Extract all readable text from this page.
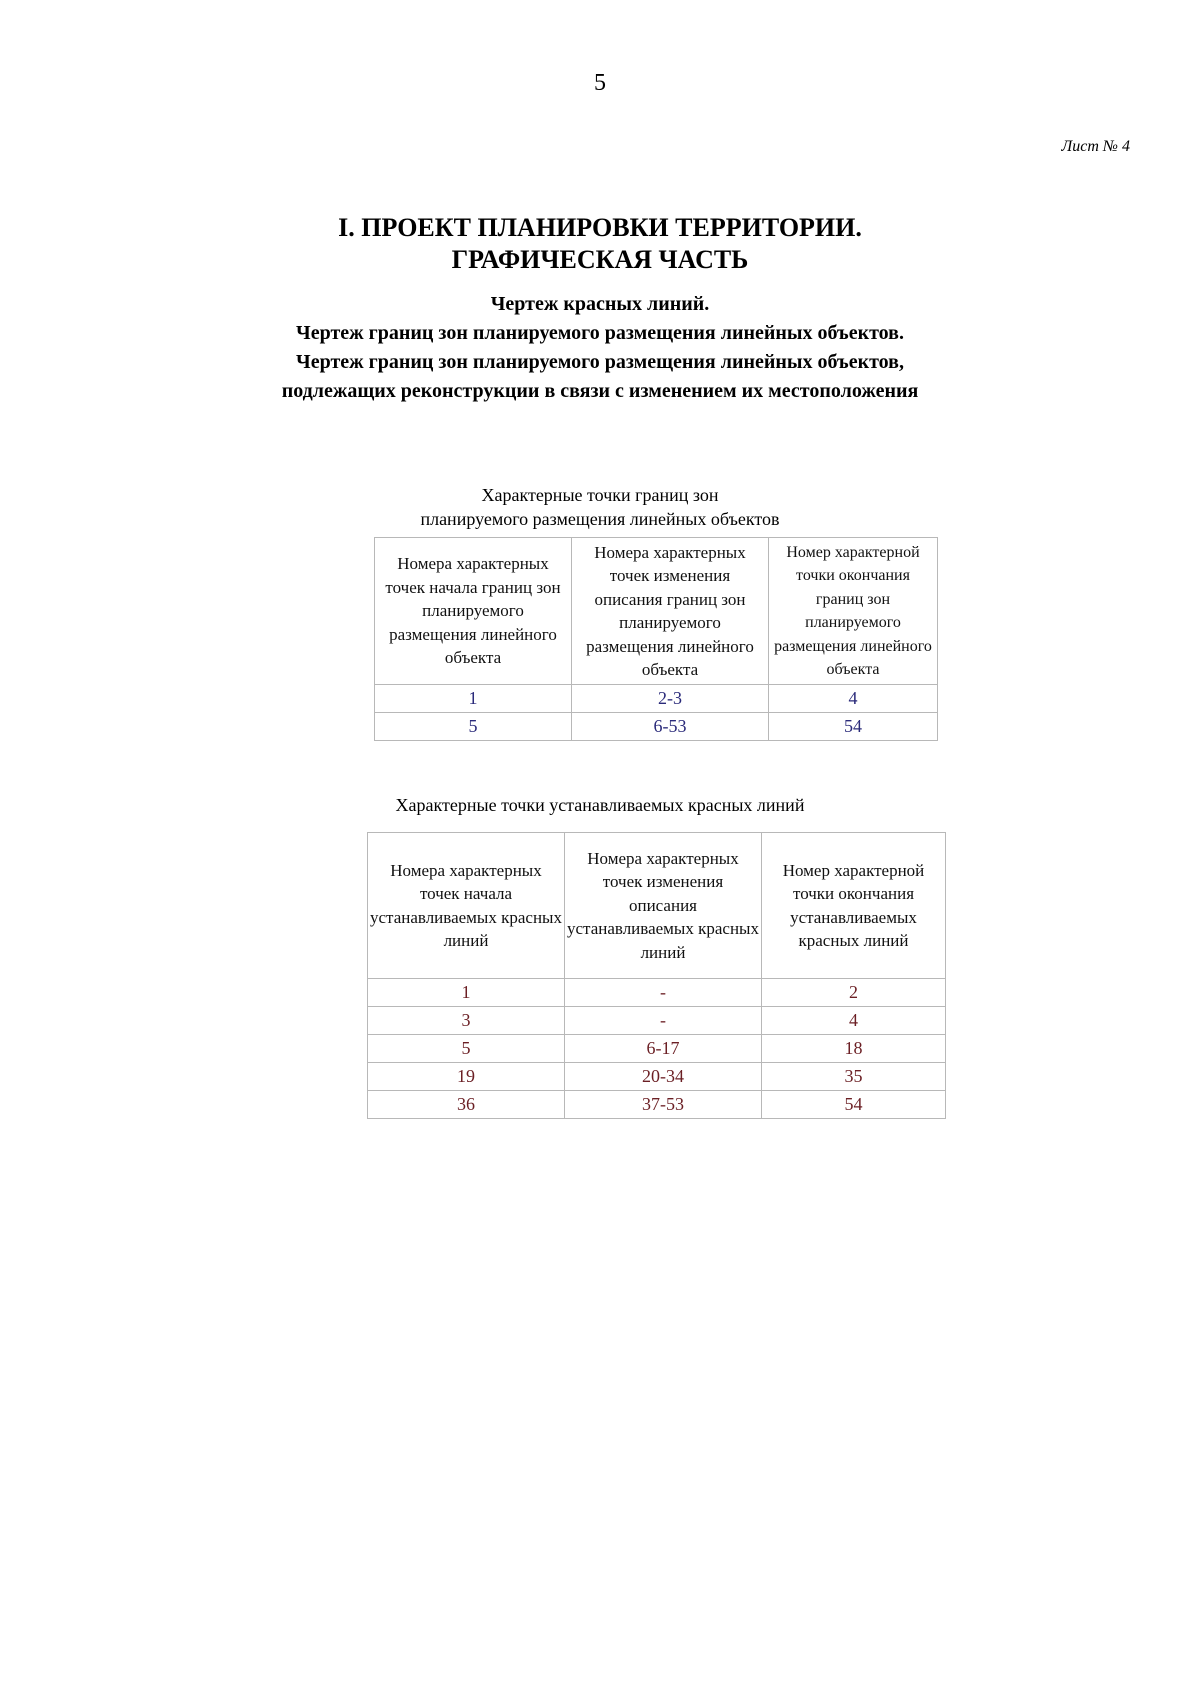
5
Лист № 4
I. ПРОЕКТ ПЛАНИРОВКИ ТЕРРИТОРИИ.
ГРАФИЧЕСКАЯ ЧАСТЬ
Чертеж красных линий.
Чертеж границ зон планируемого размещения линейных объектов.
Чертеж границ зон планируемого размещения линейных объектов,
подлежащих реконструкции в связи с изменением их местоположения
Характерные точки границ зон
планируемого размещения линейных объектов
Номера характерных точек начала границ зон планируемого размещения линейного объекта	Номера характерных точек изменения описания границ зон планируемого размещения линейного объекта	Номер характерной точки окончания границ зон планируемого размещения линейного объекта
1	2-3	4
5	6-53	54
Характерные точки устанавливаемых красных линий
Номера характерных точек начала устанавливаемых красных линий	Номера характерных точек изменения описания устанавливаемых красных линий	Номер характерной точки окончания устанавливаемых красных линий
1	-	2
3	-	4
5	6-17	18
19	20-34	35
36	37-53	54
